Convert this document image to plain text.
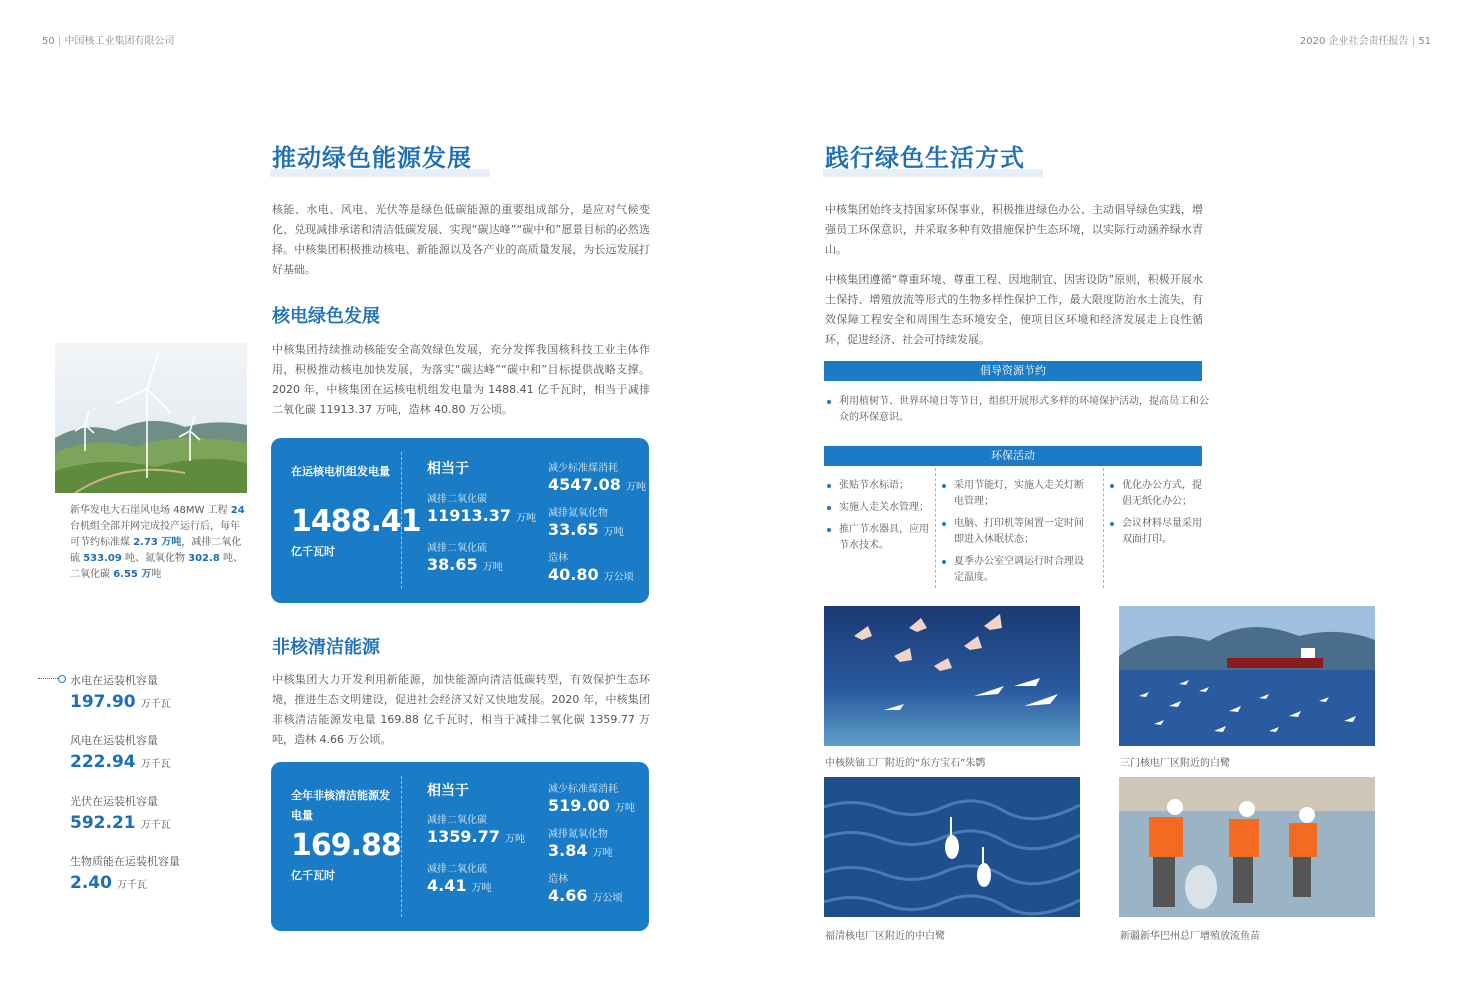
50 | 中国核工业集团有限公司	2020 企业社会责任报告 | 51
推动绿色能源发展
核能、水电、风电、光伏等是绿色低碳能源的重要组成部分，是应对气候变化、兑现减排承诺和清洁低碳发展、实现“碳达峰”“碳中和”愿景目标的必然选择。中核集团积极推动核电、新能源以及各产业的高质量发展，为长远发展打好基础。
核电绿色发展
中核集团持续推动核能安全高效绿色发展，充分发挥我国核科技工业主体作用，积极推动核电加快发展，为落实“碳达峰”“碳中和”目标提供战略支撑。2020 年，中核集团在运核电机组发电量为 1488.41 亿千瓦时，相当于减排二氧化碳 11913.37 万吨，造林 40.80 万公顷。
在运核电机组发电量
1488.41
亿千瓦时
相当于
减排二氧化碳
11913.37 万吨
减排二氧化硫
38.65 万吨
减少标准煤消耗
4547.08 万吨
减排氮氧化物
33.65 万吨
造林
40.80 万公顷
非核清洁能源
中核集团大力开发利用新能源，加快能源向清洁低碳转型，有效保护生态环境，推进生态文明建设，促进社会经济又好又快地发展。2020 年，中核集团非核清洁能源发电量 169.88 亿千瓦时，相当于减排二氧化碳 1359.77 万吨，造林 4.66 万公顷。
全年非核清洁能源发电量
169.88
亿千瓦时
相当于
减排二氧化碳
1359.77 万吨
减排二氧化硫
4.41 万吨
减少标准煤消耗
519.00 万吨
减排氮氧化物
3.84 万吨
造林
4.66 万公顷
新华发电大石崖风电场 48MW 工程 24 台机组全部并网完成投产运行后，每年可节约标准煤 2.73 万吨，减排二氧化硫 533.09 吨、氮氧化物 302.8 吨、二氧化碳 6.55 万吨
水电在运装机容量
197.90 万千瓦
风电在运装机容量
222.94 万千瓦
光伏在运装机容量
592.21 万千瓦
生物质能在运装机容量
2.40 万千瓦
践行绿色生活方式
中核集团始终支持国家环保事业，积极推进绿色办公、主动倡导绿色实践，增强员工环保意识，并采取多种有效措施保护生态环境，以实际行动涵养绿水青山。
中核集团遵循“尊重环境、尊重工程、因地制宜、因害设防”原则，积极开展水土保持、增殖放流等形式的生物多样性保护工作，最大限度防治水土流失，有效保障工程安全和周围生态环境安全，使项目区环境和经济发展走上良性循环，促进经济、社会可持续发展。
倡导资源节约
利用植树节、世界环境日等节日，组织开展形式多样的环境保护活动，提高员工和公众的环保意识。
环保活动
张贴节水标语；
实施人走关水管理；
推广节水器具，应用节水技术。
采用节能灯，实施人走关灯断电管理；
电脑、打印机等闲置一定时间即进入休眠状态；
夏季办公室空调运行时合理设定温度。
优化办公方式，提倡无纸化办公；
会议材料尽量采用双面打印。
中核陕铀工厂附近的“东方宝石”朱鹮	三门核电厂区附近的白鹭
福清核电厂区附近的中白鹭	新疆新华巴州总厂增殖放流鱼苗
